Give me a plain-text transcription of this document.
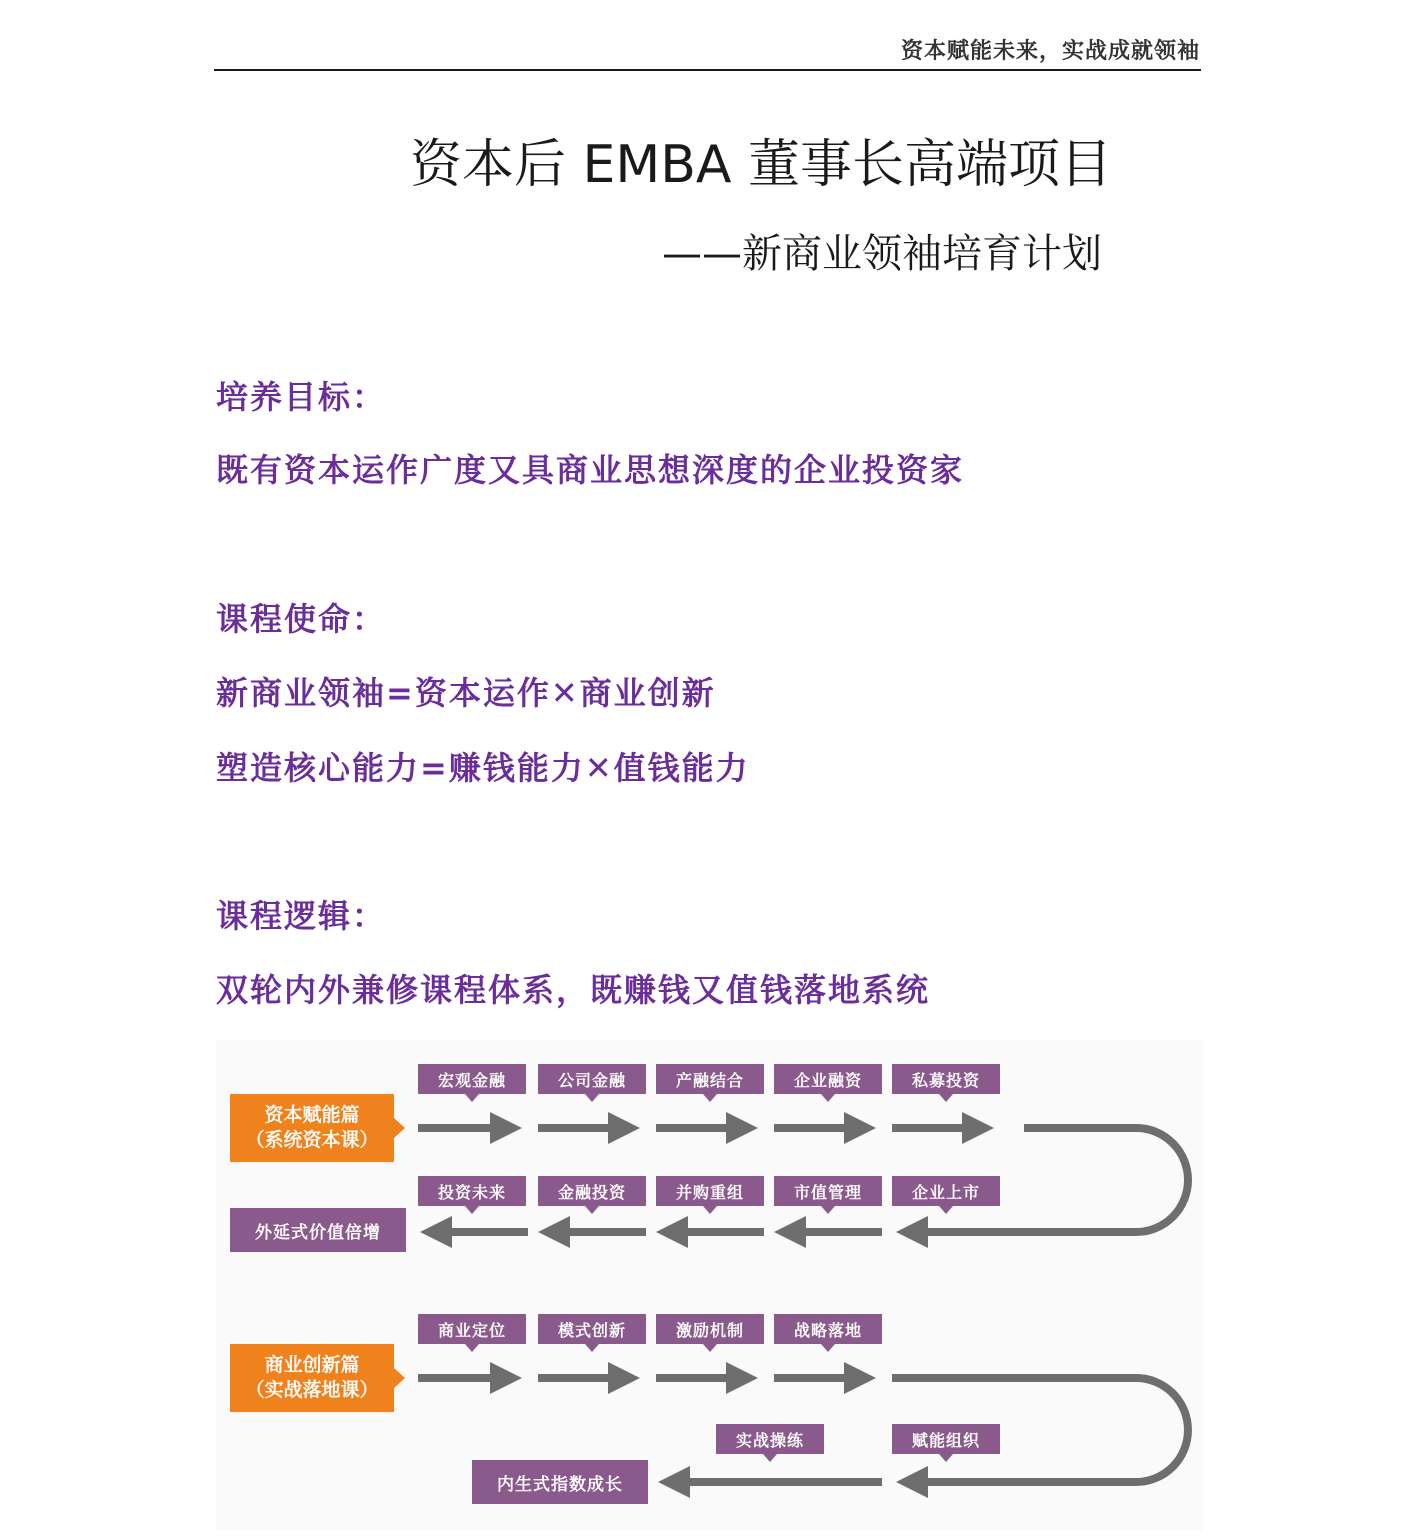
资本赋能未来，实战成就领袖
资本后 EMBA 董事长高端项目
——新商业领袖培育计划
培养目标：
既有资本运作广度又具商业思想深度的企业投资家
课程使命：
新商业领袖=资本运作✕商业创新
塑造核心能力=赚钱能力✕值钱能力
课程逻辑：
双轮内外兼修课程体系，既赚钱又值钱落地系统
资本赋能篇
（系统资本课）
宏观金融	公司金融	产融结合	企业融资	私募投资
投资未来	金融投资	并购重组	市值管理	企业上市
外延式价值倍增
商业创新篇
（实战落地课）
商业定位	模式创新	激励机制	战略落地
实战操练	赋能组织
内生式指数成长
